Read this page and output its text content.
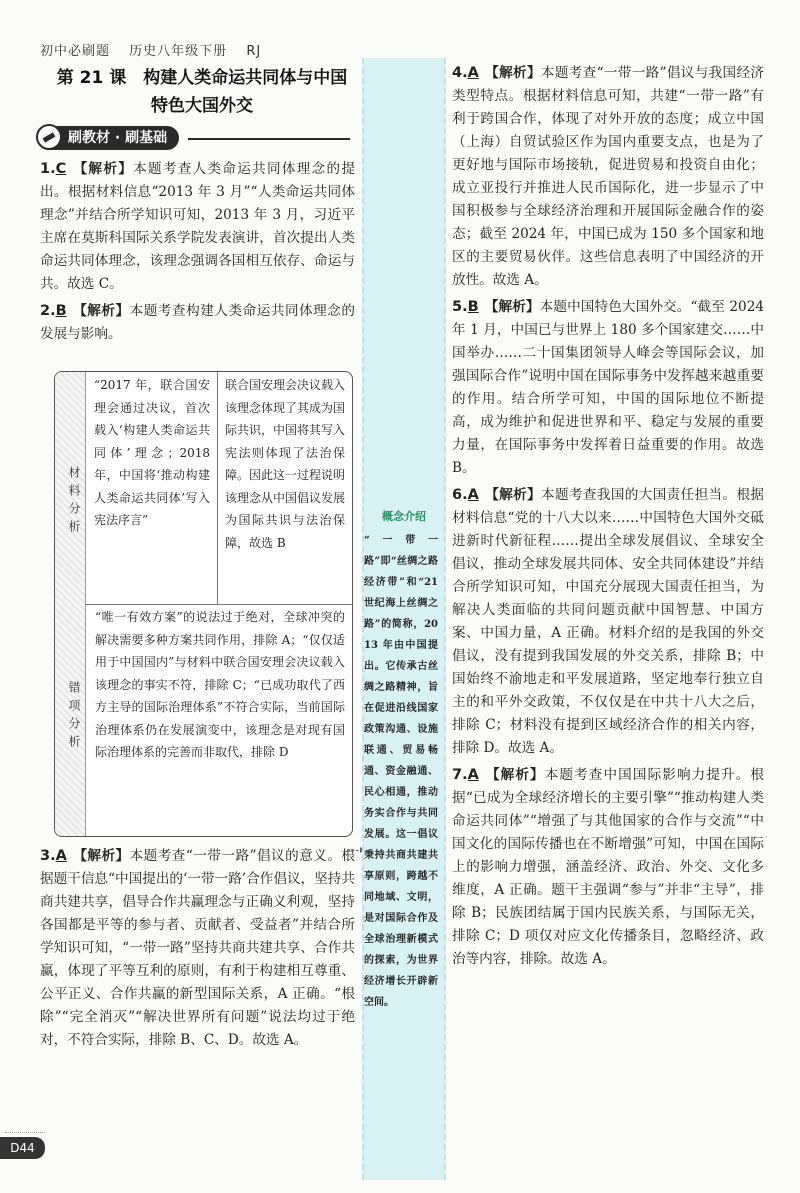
初中必刷题 历史八年级下册 RJ
第 21 课　构建人类命运共同体与中国
特色大国外交
刷教材 · 刷基础

1.C 【解析】本题考查人类命运共同体理念的提出。根据材料信息“2013 年 3 月”“人类命运共同体理念”并结合所学知识可知，2013 年 3 月，习近平主席在莫斯科国际关系学院发表演讲，首次提出人类命运共同体理念，该理念强调各国相互依存、命运与共。故选 C。

2.B 【解析】本题考查构建人类命运共同体理念的发展与影响。

材料分析
错项分析
“2017 年，联合国安理会通过决议，首次载入‘构建人类命运共同体’理念；2018 年，中国将‘推动构建人类命运共同体’写入宪法序言”
联合国安理会决议载入该理念体现了其成为国际共识，中国将其写入宪法则体现了法治保障。因此这一过程说明该理念从中国倡议发展为国际共识与法治保障，故选 B
“唯一有效方案”的说法过于绝对，全球冲突的解决需要多种方案共同作用，排除 A；“仅仅适用于中国国内”与材料中联合国安理会决议载入该理念的事实不符，排除 C；“已成功取代了西方主导的国际治理体系”不符合实际，当前国际治理体系仍在发展演变中，该理念是对现有国际治理体系的完善而非取代，排除 D

3.A 【解析】本题考查“一带一路”倡议的意义。根据题干信息“中国提出的‘一带一路’合作倡议，坚持共商共建共享，倡导合作共赢理念与正确义利观，坚持各国都是平等的参与者、贡献者、受益者”并结合所学知识可知，“一带一路”坚持共商共建共享、合作共赢，体现了平等互利的原则，有利于构建相互尊重、公平正义、合作共赢的新型国际关系，A 正确。“根除”“完全消灭”“解决世界所有问题”说法均过于绝对，不符合实际，排除 B、C、D。故选 A。

概念介绍
“一带一路”即“丝绸之路经济带”和“21 世纪海上丝绸之路”的简称，2013 年由中国提出。它传承古丝绸之路精神，旨在促进沿线国家政策沟通、设施联通、贸易畅通、资金融通、民心相通，推动务实合作与共同发展。这一倡议秉持共商共建共享原则，跨越不同地域、文明，是对国际合作及全球治理新模式的探索，为世界经济增长开辟新空间。

4.A 【解析】本题考查“一带一路”倡议与我国经济类型特点。根据材料信息可知，共建“一带一路”有利于跨国合作，体现了对外开放的态度；成立中国（上海）自贸试验区作为国内重要支点，也是为了更好地与国际市场接轨，促进贸易和投资自由化；成立亚投行并推进人民币国际化，进一步显示了中国积极参与全球经济治理和开展国际金融合作的姿态；截至 2024 年，中国已成为 150 多个国家和地区的主要贸易伙伴。这些信息表明了中国经济的开放性。故选 A。

5.B 【解析】本题中国特色大国外交。“截至 2024 年 1 月，中国已与世界上 180 多个国家建交……中国举办……二十国集团领导人峰会等国际会议，加强国际合作”说明中国在国际事务中发挥越来越重要的作用。结合所学可知，中国的国际地位不断提高，成为维护和促进世界和平、稳定与发展的重要力量，在国际事务中发挥着日益重要的作用。故选 B。

6.A 【解析】本题考查我国的大国责任担当。根据材料信息“党的十八大以来……中国特色大国外交砥进新时代新征程……提出全球发展倡议、全球安全倡议，推动全球发展共同体、安全共同体建设”并结合所学知识可知，中国充分展现大国责任担当，为解决人类面临的共同问题贡献中国智慧、中国方案、中国力量，A 正确。材料介绍的是我国的外交倡议，没有提到我国发展的外交关系，排除 B；中国始终不渝地走和平发展道路，坚定地奉行独立自主的和平外交政策，不仅仅是在中共十八大之后，排除 C；材料没有提到区域经济合作的相关内容，排除 D。故选 A。

7.A 【解析】本题考查中国国际影响力提升。根据“已成为全球经济增长的主要引擎”“推动构建人类命运共同体”“增强了与其他国家的合作与交流”“中国文化的国际传播也在不断增强”可知，中国在国际上的影响力增强，涵盖经济、政治、外交、文化多维度，A 正确。题干主强调“参与”并非“主导”，排除 B；民族团结属于国内民族关系，与国际无关，排除 C；D 项仅对应文化传播条目，忽略经济、政治等内容，排除。故选 A。

D44
